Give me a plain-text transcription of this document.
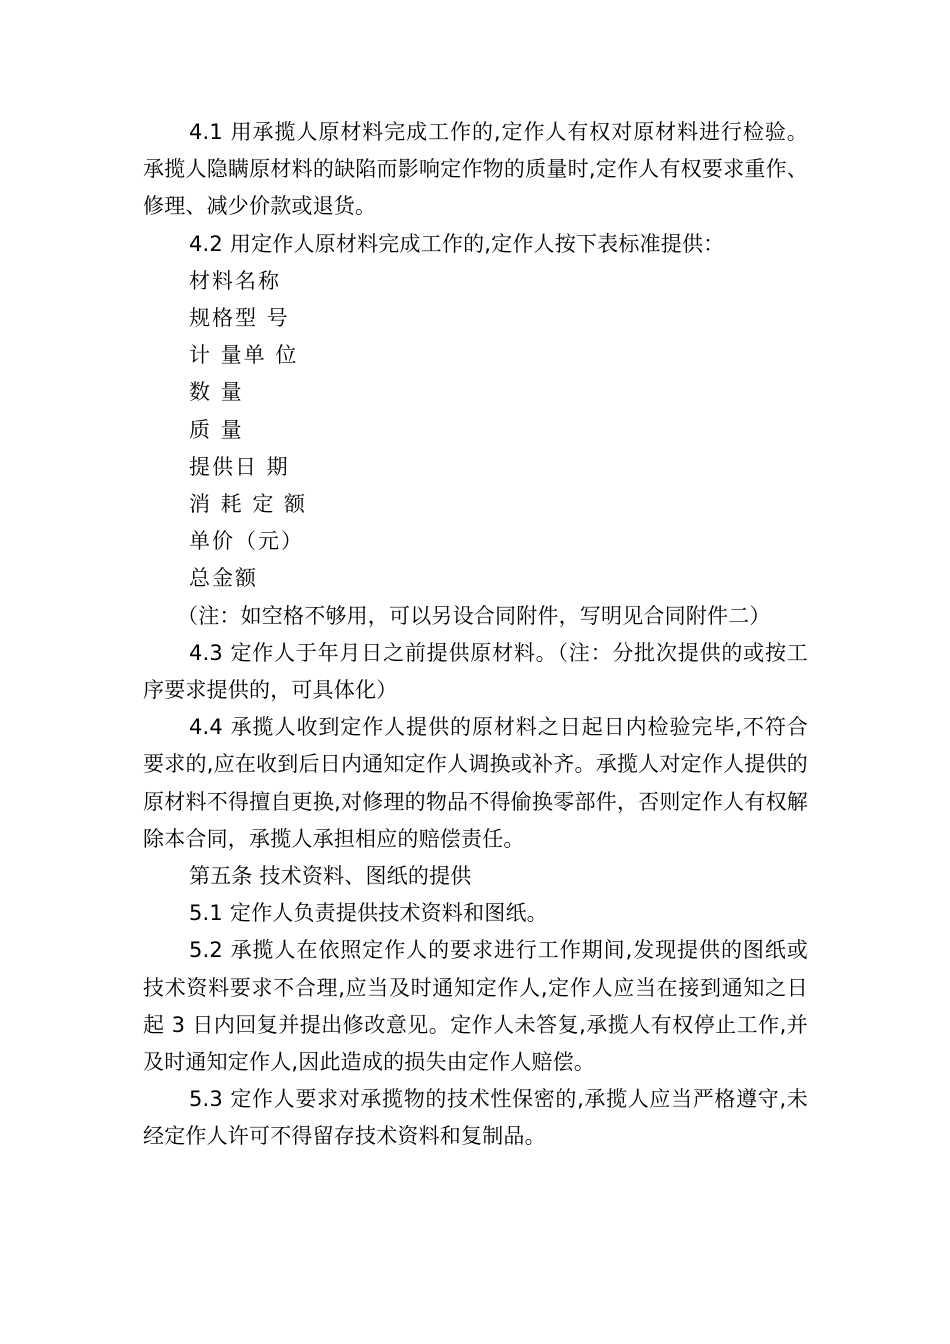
4.1 用承揽人原材料完成工作的,定作人有权对原材料进行检验。承揽人隐瞒原材料的缺陷而影响定作物的质量时,定作人有权要求重作、修理、减少价款或退货。

4.2 用定作人原材料完成工作的,定作人按下表标准提供：

材料名称

规格型 号

计 量单 位

数 量

质 量

提供日 期

消 耗 定 额

单价（元）

总金额

（注：如空格不够用，可以另设合同附件，写明见合同附件二）

4.3 定作人于年月日之前提供原材料。（注：分批次提供的或按工序要求提供的，可具体化）

4.4 承揽人收到定作人提供的原材料之日起日内检验完毕,不符合要求的,应在收到后日内通知定作人调换或补齐。承揽人对定作人提供的原材料不得擅自更换,对修理的物品不得偷换零部件，否则定作人有权解除本合同，承揽人承担相应的赔偿责任。

第五条 技术资料、图纸的提供

5.1 定作人负责提供技术资料和图纸。

5.2 承揽人在依照定作人的要求进行工作期间,发现提供的图纸或技术资料要求不合理,应当及时通知定作人,定作人应当在接到通知之日起 3 日内回复并提出修改意见。定作人未答复,承揽人有权停止工作,并及时通知定作人,因此造成的损失由定作人赔偿。

5.3 定作人要求对承揽物的技术性保密的,承揽人应当严格遵守,未经定作人许可不得留存技术资料和复制品。
